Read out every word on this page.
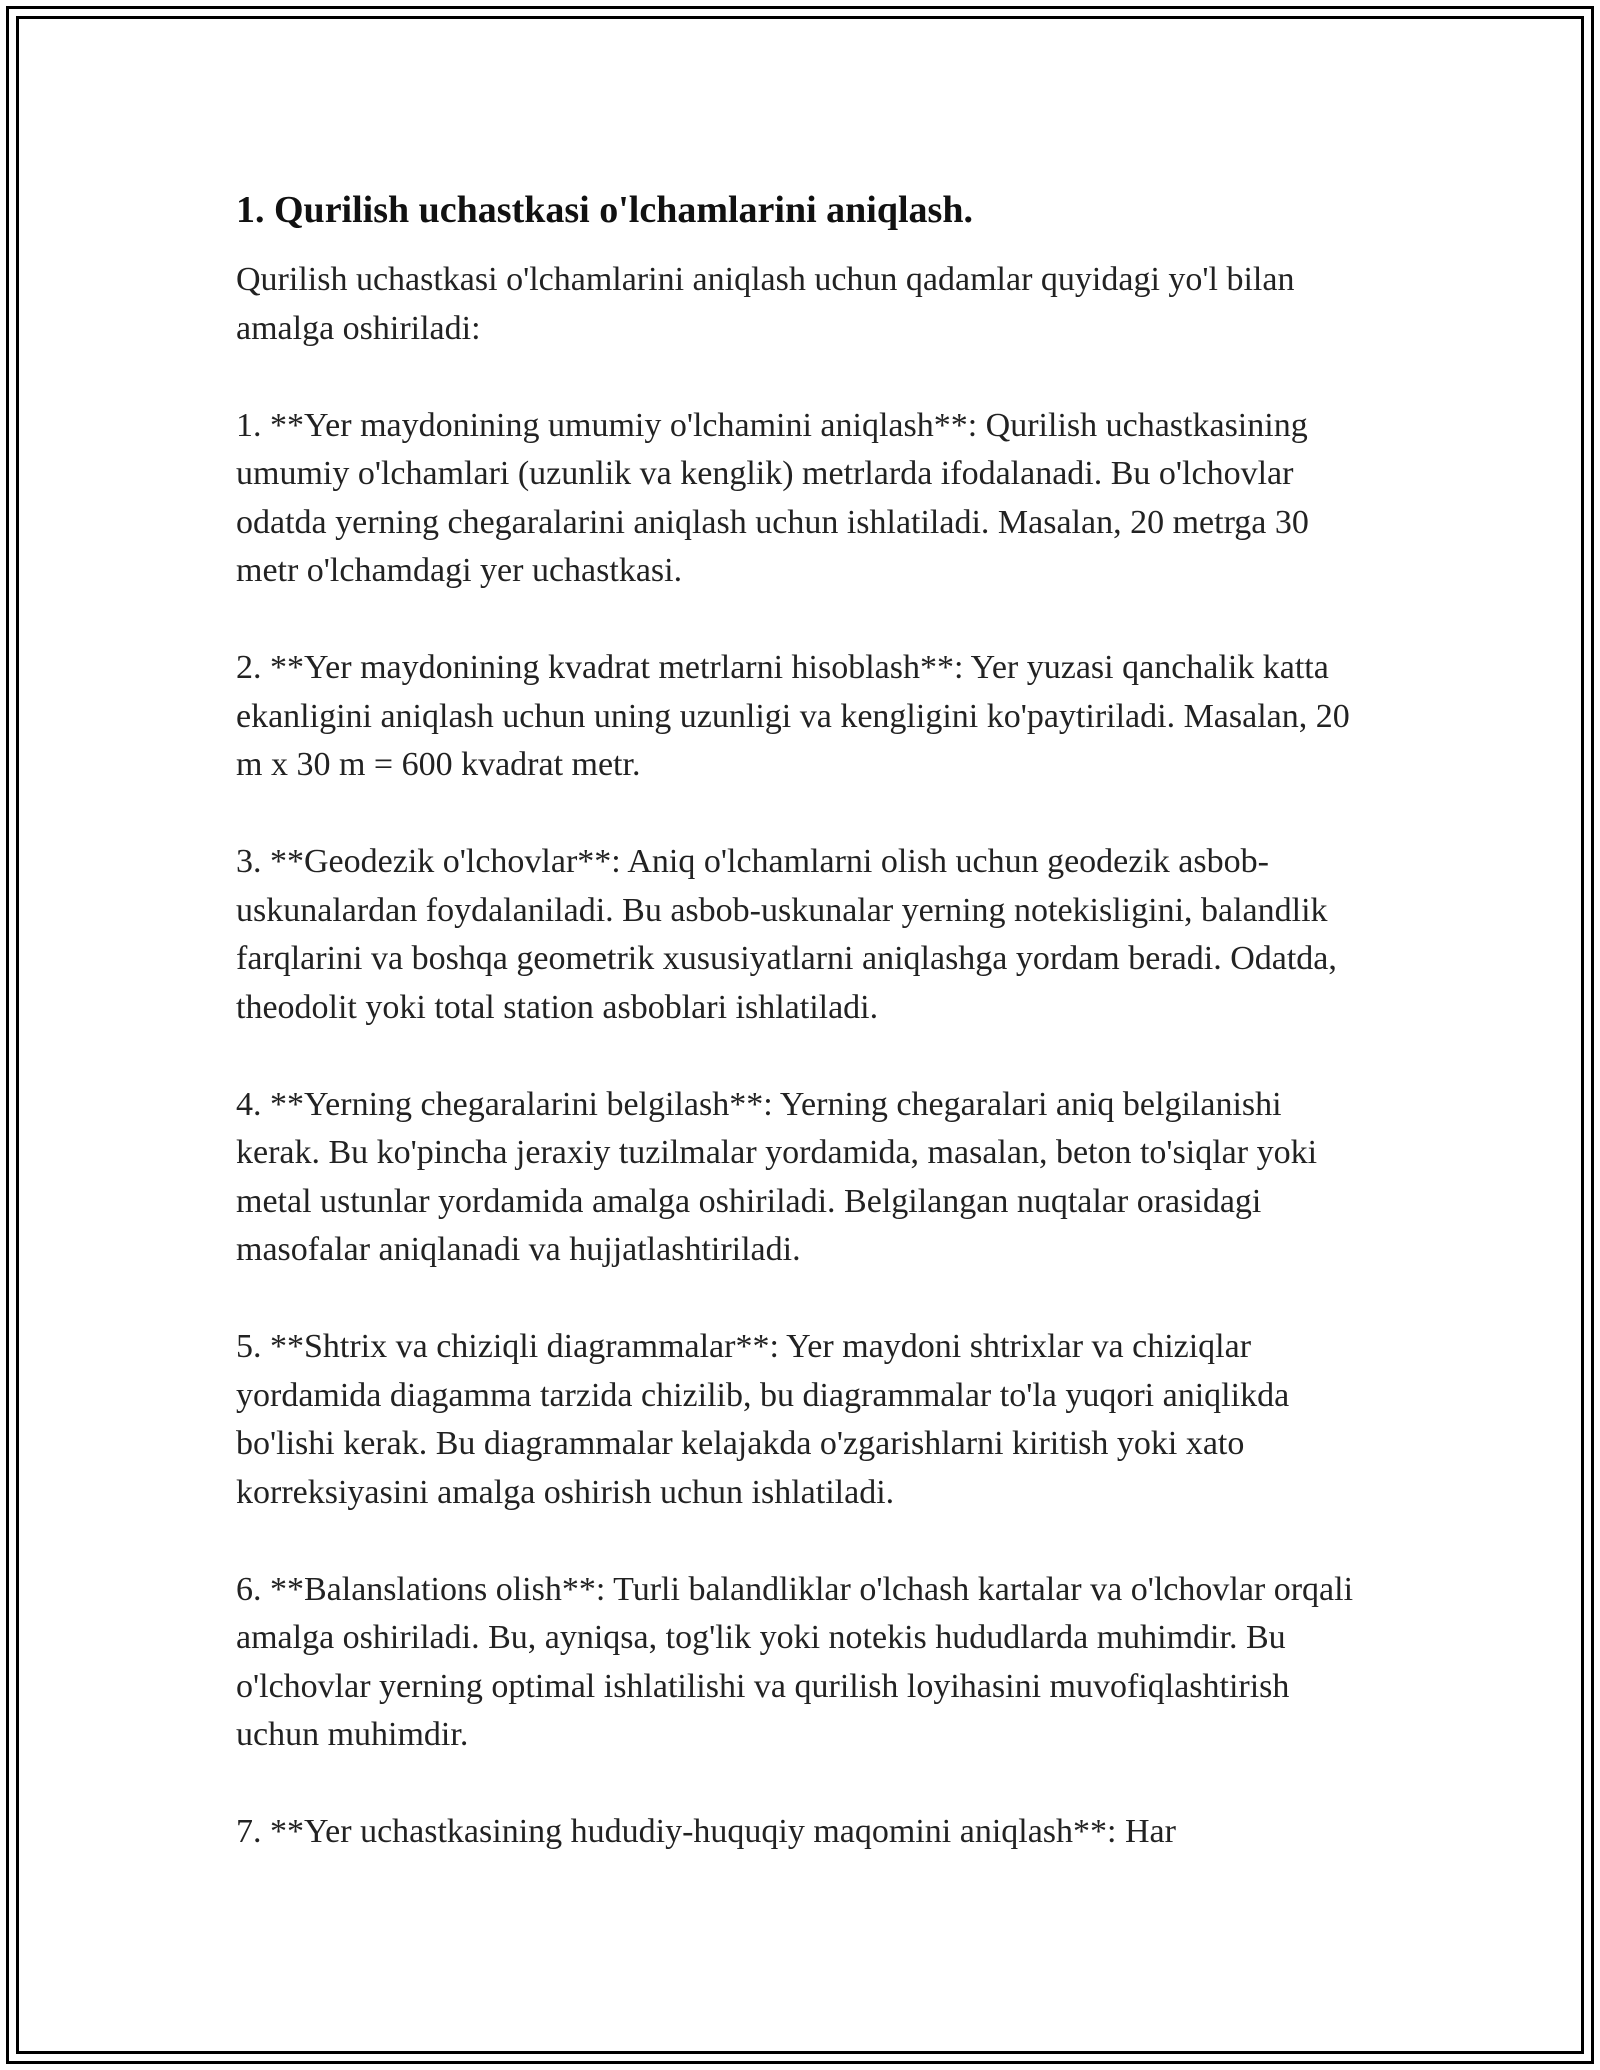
1. Qurilish uchastkasi o'lchamlarini aniqlash.

Qurilish uchastkasi o'lchamlarini aniqlash uchun qadamlar quyidagi yo'l bilan amalga oshiriladi:

1. **Yer maydonining umumiy o'lchamini aniqlash**: Qurilish uchastkasining umumiy o'lchamlari (uzunlik va kenglik) metrlarda ifodalanadi. Bu o'lchovlar odatda yerning chegaralarini aniqlash uchun ishlatiladi. Masalan, 20 metrga 30 metr o'lchamdagi yer uchastkasi.

2. **Yer maydonining kvadrat metrlarni hisoblash**: Yer yuzasi qanchalik katta ekanligini aniqlash uchun uning uzunligi va kengligini ko'paytiriladi. Masalan, 20 m x 30 m = 600 kvadrat metr.

3. **Geodezik o'lchovlar**: Aniq o'lchamlarni olish uchun geodezik asbob-uskunalardan foydalaniladi. Bu asbob-uskunalar yerning notekisligini, balandlik farqlarini va boshqa geometrik xususiyatlarni aniqlashga yordam beradi. Odatda, theodolit yoki total station asboblari ishlatiladi.

4. **Yerning chegaralarini belgilash**: Yerning chegaralari aniq belgilanishi kerak. Bu ko'pincha jeraxiy tuzilmalar yordamida, masalan, beton to'siqlar yoki metal ustunlar yordamida amalga oshiriladi. Belgilangan nuqtalar orasidagi masofalar aniqlanadi va hujjatlashtiriladi.

5. **Shtrix va chiziqli diagrammalar**: Yer maydoni shtrixlar va chiziqlar yordamida diagamma tarzida chizilib, bu diagrammalar to'la yuqori aniqlikda bo'lishi kerak. Bu diagrammalar kelajakda o'zgarishlarni kiritish yoki xato korreksiyasini amalga oshirish uchun ishlatiladi.

6. **Balanslations olish**: Turli balandliklar o'lchash kartalar va o'lchovlar orqali amalga oshiriladi. Bu, ayniqsa, tog'lik yoki notekis hududlarda muhimdir. Bu o'lchovlar yerning optimal ishlatilishi va qurilish loyihasini muvofiqlashtirish uchun muhimdir.

7. **Yer uchastkasining hududiy-huquqiy maqomini aniqlash**: Har
